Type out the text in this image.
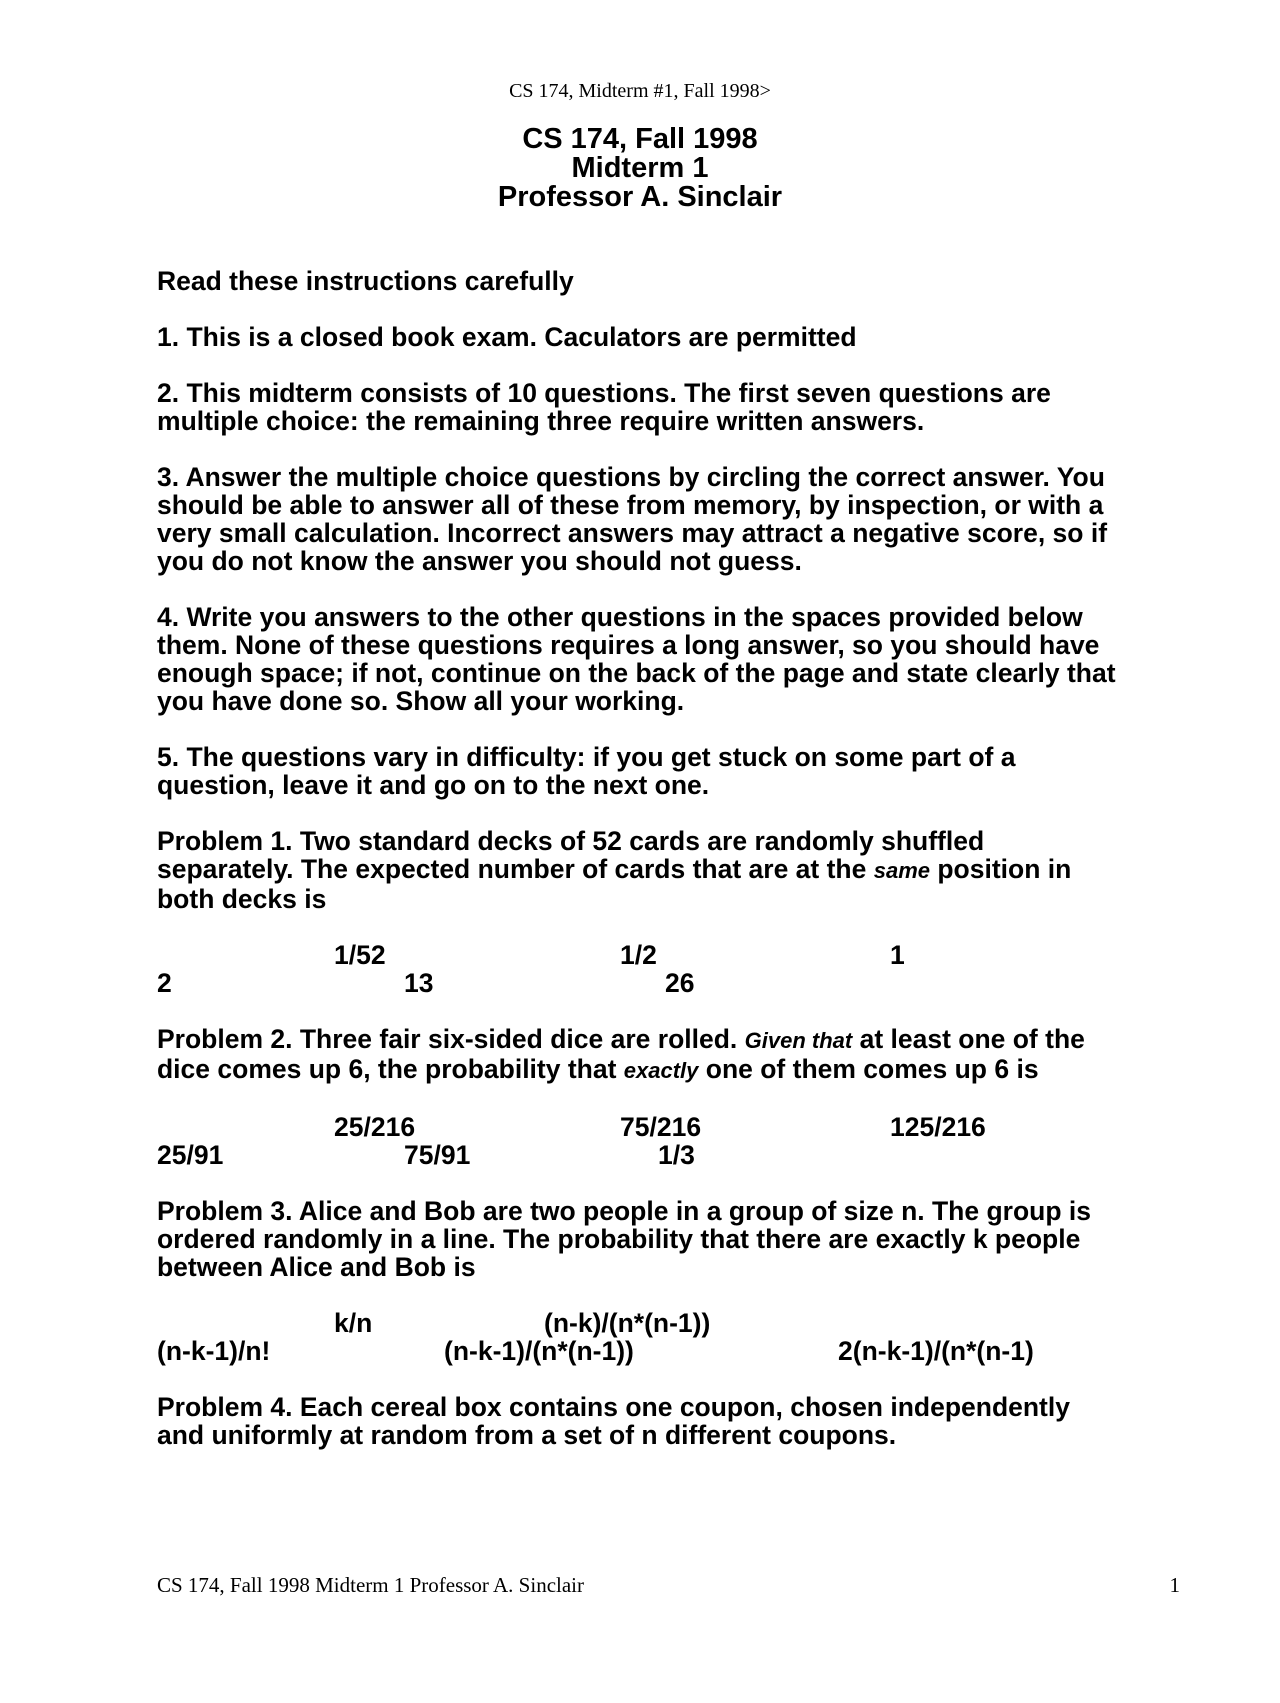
CS 174, Midterm #1, Fall 1998>
CS 174, Fall 1998
Midterm 1
Professor A. Sinclair

Read these instructions carefully

1. This is a closed book exam. Caculators are permitted

2. This midterm consists of 10 questions. The first seven questions are
multiple choice: the remaining three require written answers.

3. Answer the multiple choice questions by circling the correct answer. You
should be able to answer all of these from memory, by inspection, or with a
very small calculation. Incorrect answers may attract a negative score, so if
you do not know the answer you should not guess.

4. Write you answers to the other questions in the spaces provided below
them. None of these questions requires a long answer, so you should have
enough space; if not, continue on the back of the page and state clearly that
you have done so. Show all your working.

5. The questions vary in difficulty: if you get stuck on some part of a
question, leave it and go on to the next one.

Problem 1. Two standard decks of 52 cards are randomly shuffled
separately. The expected number of cards that are at the same position in
both decks is

1/52	1/2	1
2	13	26

Problem 2. Three fair six-sided dice are rolled. Given that at least one of the
dice comes up 6, the probability that exactly one of them comes up 6 is

25/216	75/216	125/216
25/91	75/91	1/3

Problem 3. Alice and Bob are two people in a group of size n. The group is
ordered randomly in a line. The probability that there are exactly k people
between Alice and Bob is

k/n	(n-k)/(n*(n-1))
(n-k-1)/n!	(n-k-1)/(n*(n-1))	2(n-k-1)/(n*(n-1)

Problem 4. Each cereal box contains one coupon, chosen independently
and uniformly at random from a set of n different coupons.

CS 174, Fall 1998 Midterm 1 Professor A. Sinclair	1
